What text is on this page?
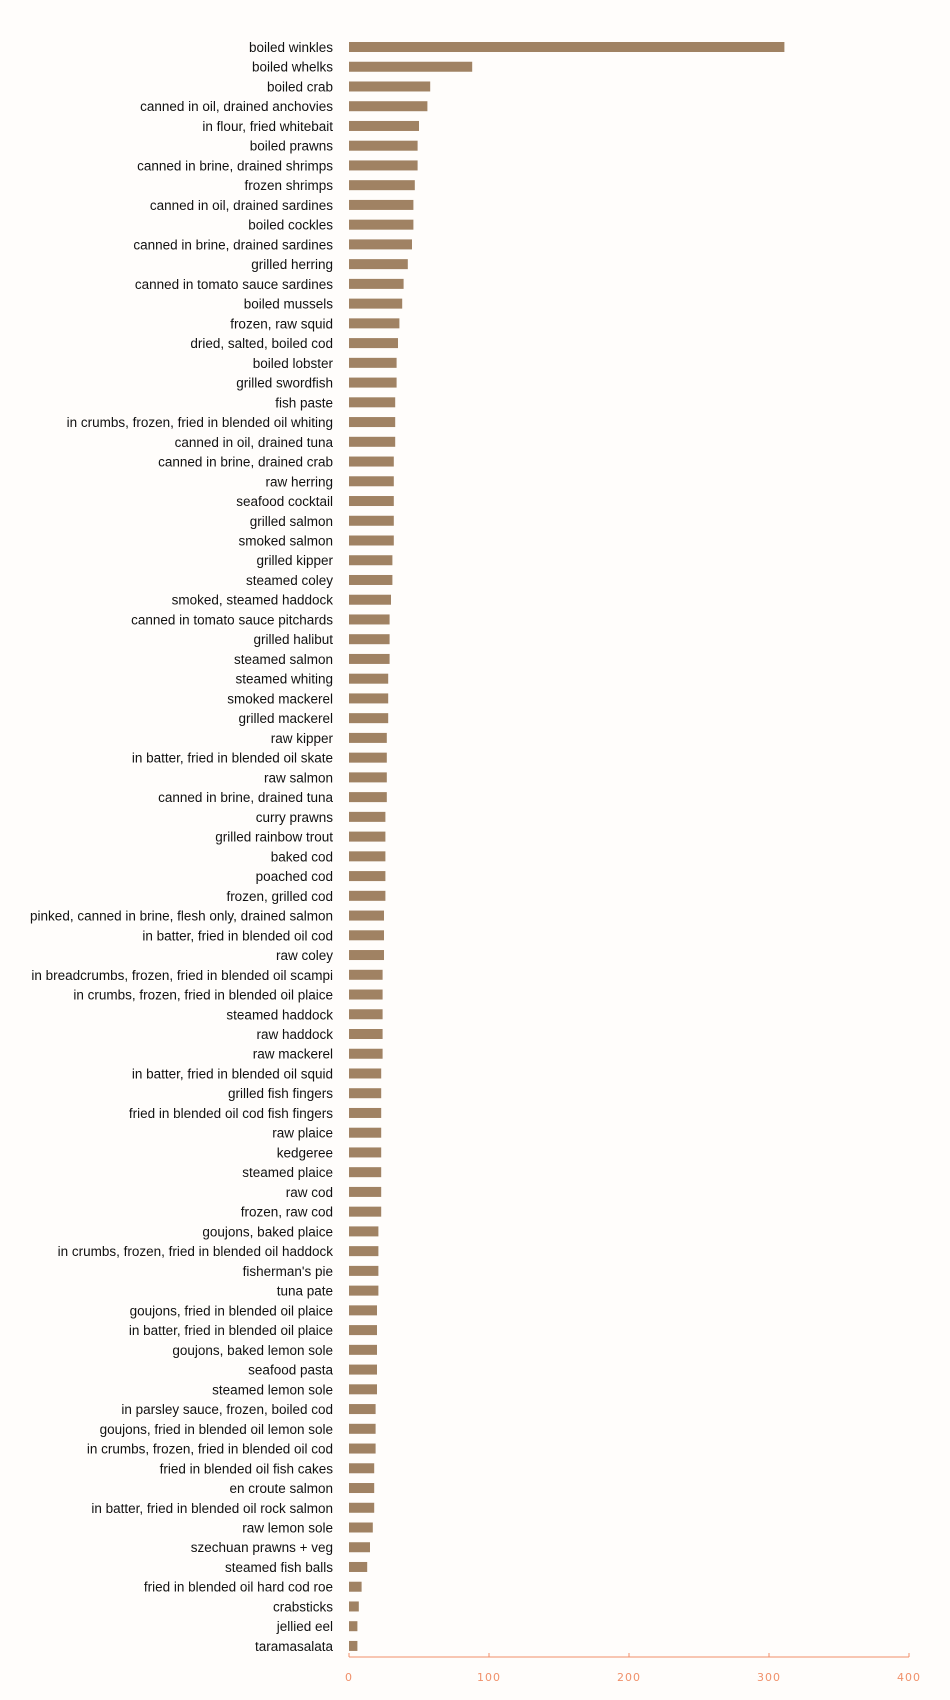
boiled winkles
boiled whelks
boiled crab
canned in oil, drained anchovies
in flour, fried whitebait
boiled prawns
canned in brine, drained shrimps
frozen shrimps
canned in oil, drained sardines
boiled cockles
canned in brine, drained sardines
grilled herring
canned in tomato sauce sardines
boiled mussels
frozen, raw squid
dried, salted, boiled cod
boiled lobster
grilled swordfish
fish paste
in crumbs, frozen, fried in blended oil whiting
canned in oil, drained tuna
canned in brine, drained crab
raw herring
seafood cocktail
grilled salmon
smoked salmon
grilled kipper
steamed coley
smoked, steamed haddock
canned in tomato sauce pitchards
grilled halibut
steamed salmon
steamed whiting
smoked mackerel
grilled mackerel
raw kipper
in batter, fried in blended oil skate
raw salmon
canned in brine, drained tuna
curry prawns
grilled rainbow trout
baked cod
poached cod
frozen, grilled cod
pinked, canned in brine, flesh only, drained salmon
in batter, fried in blended oil cod
raw coley
in breadcrumbs, frozen, fried in blended oil scampi
in crumbs, frozen, fried in blended oil plaice
steamed haddock
raw haddock
raw mackerel
in batter, fried in blended oil squid
grilled fish fingers
fried in blended oil cod fish fingers
raw plaice
kedgeree
steamed plaice
raw cod
frozen, raw cod
goujons, baked plaice
in crumbs, frozen, fried in blended oil haddock
fisherman's pie
tuna pate
goujons, fried in blended oil plaice
in batter, fried in blended oil plaice
goujons, baked lemon sole
seafood pasta
steamed lemon sole
in parsley sauce, frozen, boiled cod
goujons, fried in blended oil lemon sole
in crumbs, frozen, fried in blended oil cod
fried in blended oil fish cakes
en croute salmon
in batter, fried in blended oil rock salmon
raw lemon sole
szechuan prawns + veg
steamed fish balls
fried in blended oil hard cod roe
crabsticks
jellied eel
taramasalata
0	100	200	300	400
